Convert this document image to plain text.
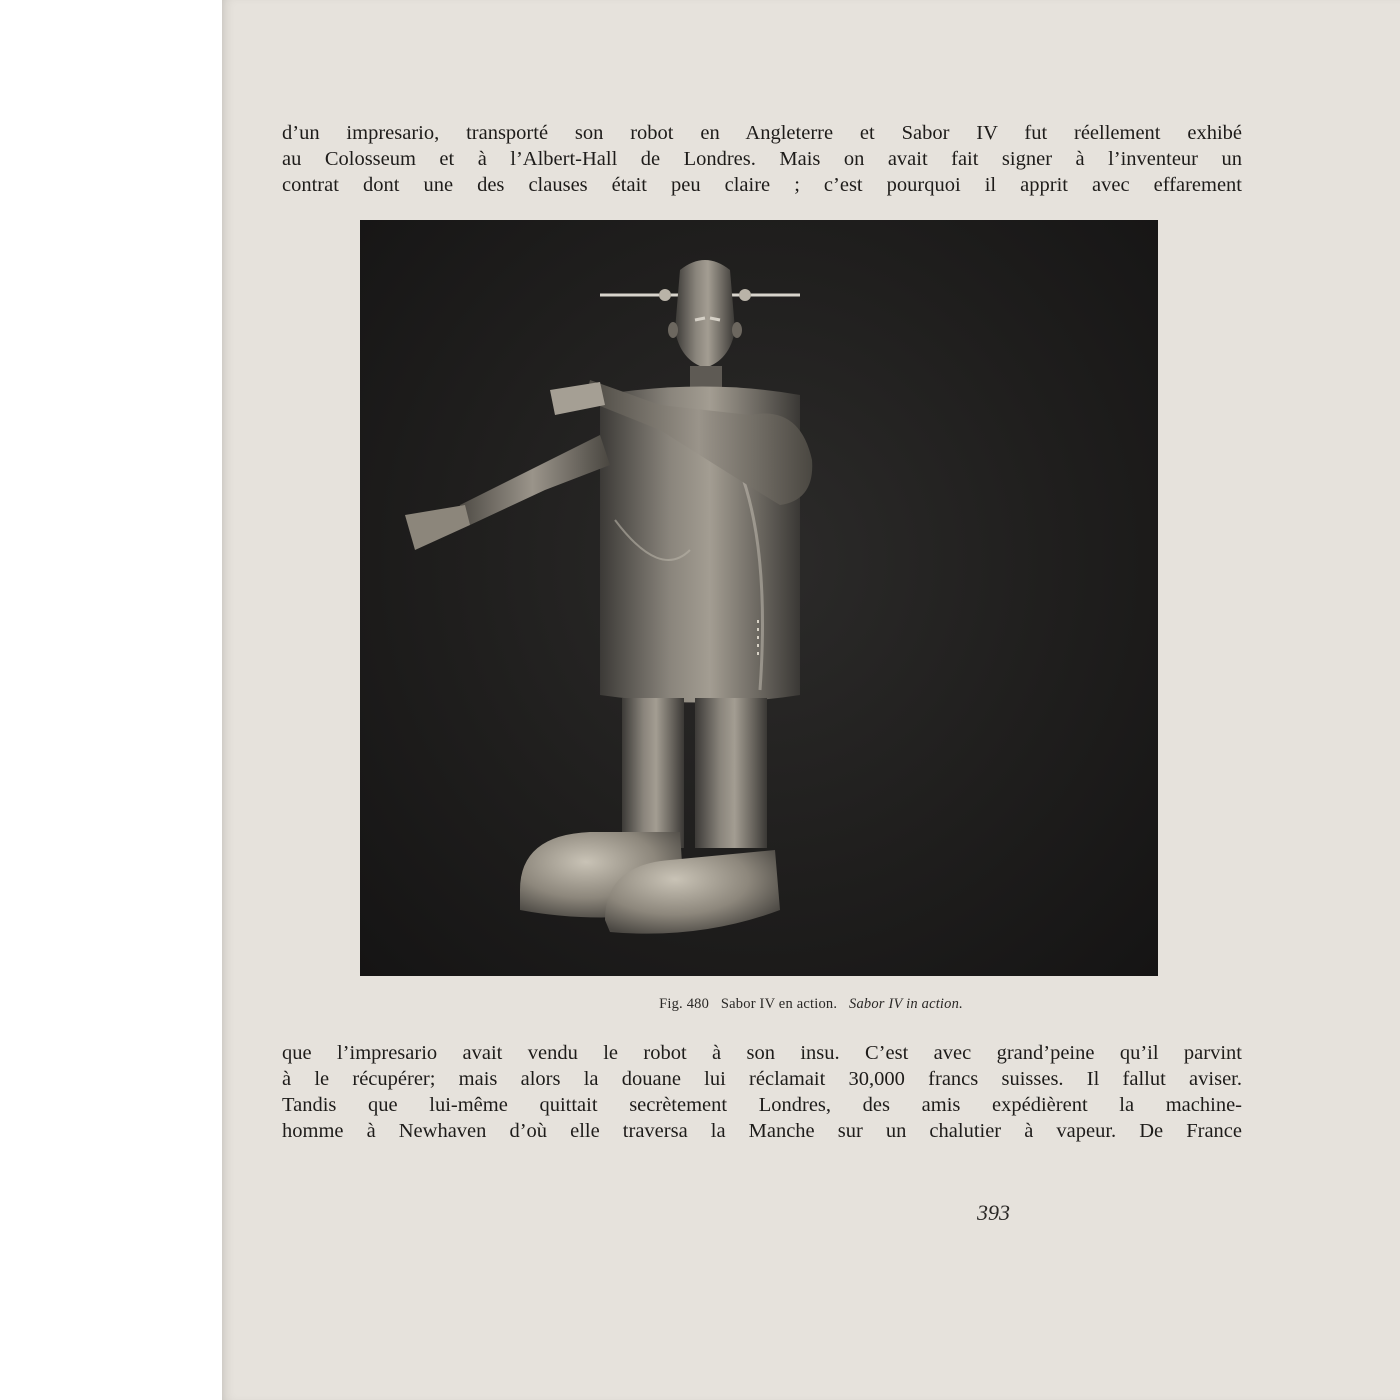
d’un impresario, transporté son robot en Angleterre et Sabor IV fut réellement exhibé
au Colosseum et à l’Albert-Hall de Londres. Mais on avait fait signer à l’inventeur un
contrat dont une des clauses était peu claire ; c’est pourquoi il apprit avec effarement
Fig. 480 Sabor IV en action. Sabor IV in action.
que l’impresario avait vendu le robot à son insu. C’est avec grand’peine qu’il parvint
à le récupérer; mais alors la douane lui réclamait 30,000 francs suisses. Il fallut aviser.
Tandis que lui-même quittait secrètement Londres, des amis expédièrent la machine-
homme à Newhaven d’où elle traversa la Manche sur un chalutier à vapeur. De France
393
